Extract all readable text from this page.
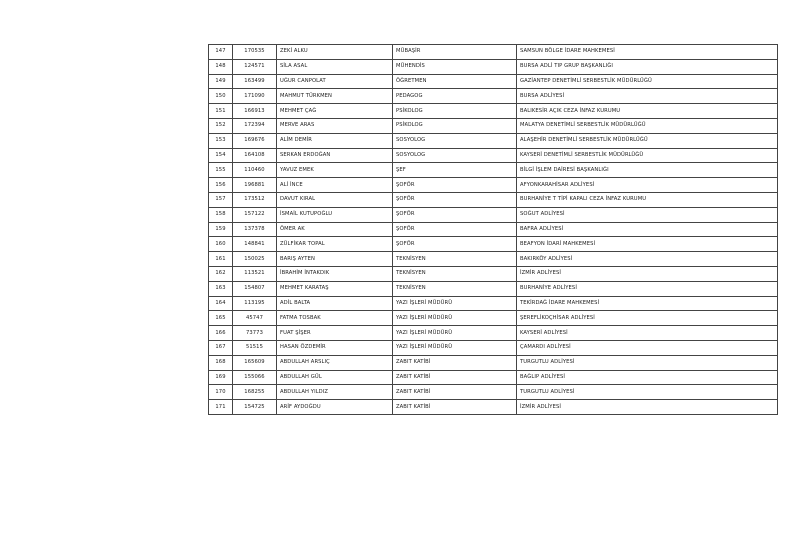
147	170535	ZEKİ ALKU	MÜBAŞİR	SAMSUN BÖLGE İDARE MAHKEMESİ
148	124571	SİLA ASAL	MÜHENDİS	BURSA ADLİ TIP GRUP BAŞKANLIĞI
149	163499	UĞUR CANPOLAT	ÖĞRETMEN	GAZİANTEP DENETİMLİ SERBESTLİK MÜDÜRLÜĞÜ
150	171090	MAHMUT TÜRKMEN	PEDAGOG	BURSA ADLİYESİ
151	166913	MEHMET ÇAĞ	PSİKOLOG	BALIKESİR AÇIK CEZA İNFAZ KURUMU
152	172394	MERVE ARAS	PSİKOLOG	MALATYA DENETİMLİ SERBESTLİK MÜDÜRLÜĞÜ
153	169676	ALİM DEMİR	SOSYOLOG	ALAŞEHİR DENETİMLİ SERBESTLİK MÜDÜRLÜĞÜ
154	164108	SERKAN ERDOĞAN	SOSYOLOG	KAYSERİ DENETİMLİ SERBESTLİK MÜDÜRLÜĞÜ
155	110460	YAVUZ EMEK	ŞEF	BİLGİ İŞLEM DAİRESİ BAŞKANLIĞI
156	196881	ALİ İNCE	ŞOFÖR	AFYONKARAHİSAR ADLİYESİ
157	173512	DAVUT KIRAL	ŞOFÖR	BURHANİYE T TİPİ KAPALI CEZA İNFAZ KURUMU
158	157122	İSMAİL KUTUPOĞLU	ŞOFÖR	SOĞUT ADLİYESİ
159	137378	ÖMER AK	ŞOFÖR	BAFRA ADLİYESİ
160	148841	ZÜLFİKAR TOPAL	ŞOFÖR	BEAFYON İDARİ MAHKEMESİ
161	150025	BARIŞ AYTEN	TEKNİSYEN	BAKIRKÖY ADLİYESİ
162	113521	İBRAHİM İNTAKDIK	TEKNİSYEN	İZMİR ADLİYESİ
163	154807	MEHMET KARATAŞ	TEKNİSYEN	BURHANİYE ADLİYESİ
164	113195	ADİL BALTA	YAZI İŞLERİ MÜDÜRÜ	TEKİRDAĞ İDARE MAHKEMESİ
165	45747	FATMA TOSBAK	YAZI İŞLERİ MÜDÜRÜ	ŞEREFLİKOÇHİSAR ADLİYESİ
166	73773	FUAT ŞİŞER	YAZI İŞLERİ MÜDÜRÜ	KAYSERİ ADLİYESİ
167	51515	HASAN ÖZDEMİR	YAZI İŞLERİ MÜDÜRÜ	ÇAMARDI ADLİYESİ
168	165609	ABDULLAH ARSLIÇ	ZABIT KATİBİ	TURGUTLU ADLİYESİ
169	155066	ABDULLAH GÜL	ZABIT KATİBİ	BAĞLIP ADLİYESİ
170	168255	ABDULLAH YILDIZ	ZABIT KATİBİ	TURGUTLU ADLİYESİ
171	154725	ARİF AYDOĞDU	ZABIT KATİBİ	İZMİR ADLİYESİ
